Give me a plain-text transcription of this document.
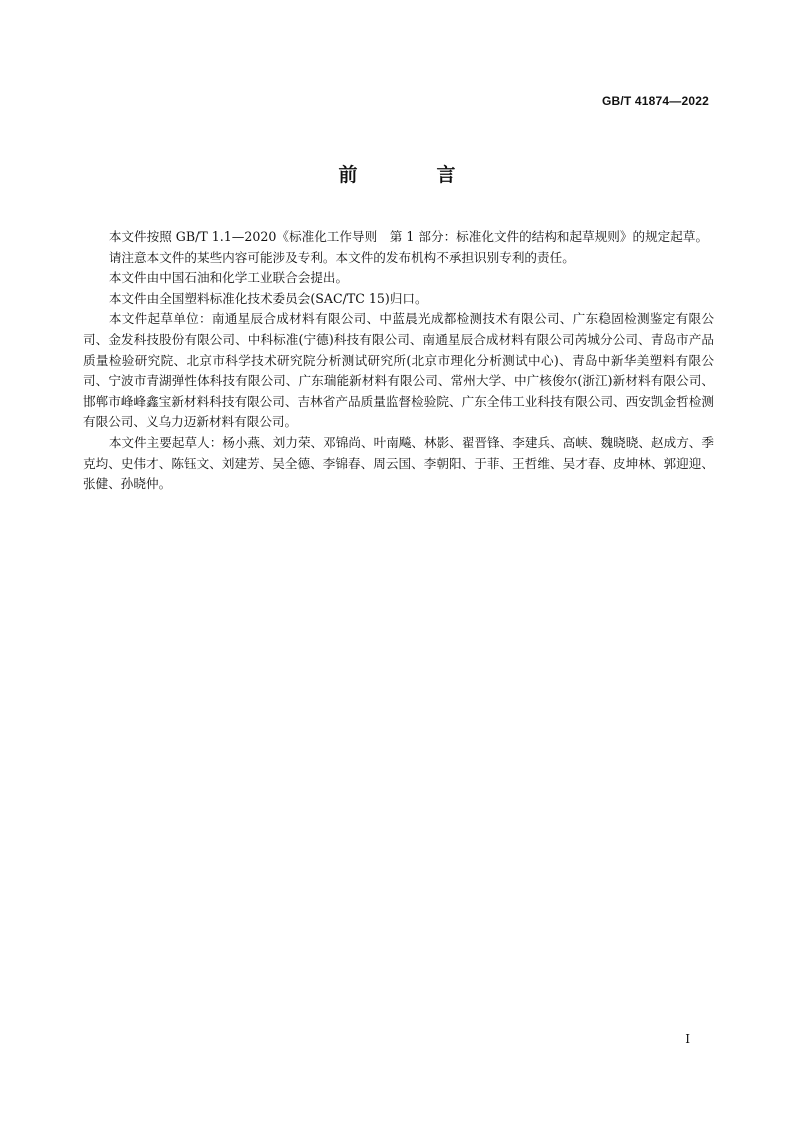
GB/T 41874—2022
前　言

本文件按照 GB/T 1.1—2020《标准化工作导则　第 1 部分：标准化文件的结构和起草规则》的规定起草。

请注意本文件的某些内容可能涉及专利。本文件的发布机构不承担识别专利的责任。

本文件由中国石油和化学工业联合会提出。

本文件由全国塑料标准化技术委员会(SAC/TC 15)归口。

本文件起草单位：南通星辰合成材料有限公司、中蓝晨光成都检测技术有限公司、广东稳固检测鉴定有限公司、金发科技股份有限公司、中科标准(宁德)科技有限公司、南通星辰合成材料有限公司芮城分公司、青岛市产品质量检验研究院、北京市科学技术研究院分析测试研究所(北京市理化分析测试中心)、青岛中新华美塑料有限公司、宁波市青湖弹性体科技有限公司、广东瑞能新材料有限公司、常州大学、中广核俊尔(浙江)新材料有限公司、邯郸市峰峰鑫宝新材料科技有限公司、吉林省产品质量监督检验院、广东全伟工业科技有限公司、西安凯金哲检测有限公司、义乌力迈新材料有限公司。

本文件主要起草人：杨小燕、刘力荣、邓锦尚、叶南飚、林影、翟晋锋、李建兵、高峡、魏晓晓、赵成方、季克均、史伟才、陈钰文、刘建芳、吴全德、李锦春、周云国、李朝阳、于菲、王哲维、吴才春、皮坤林、郭迎迎、张健、孙晓仲。

I
